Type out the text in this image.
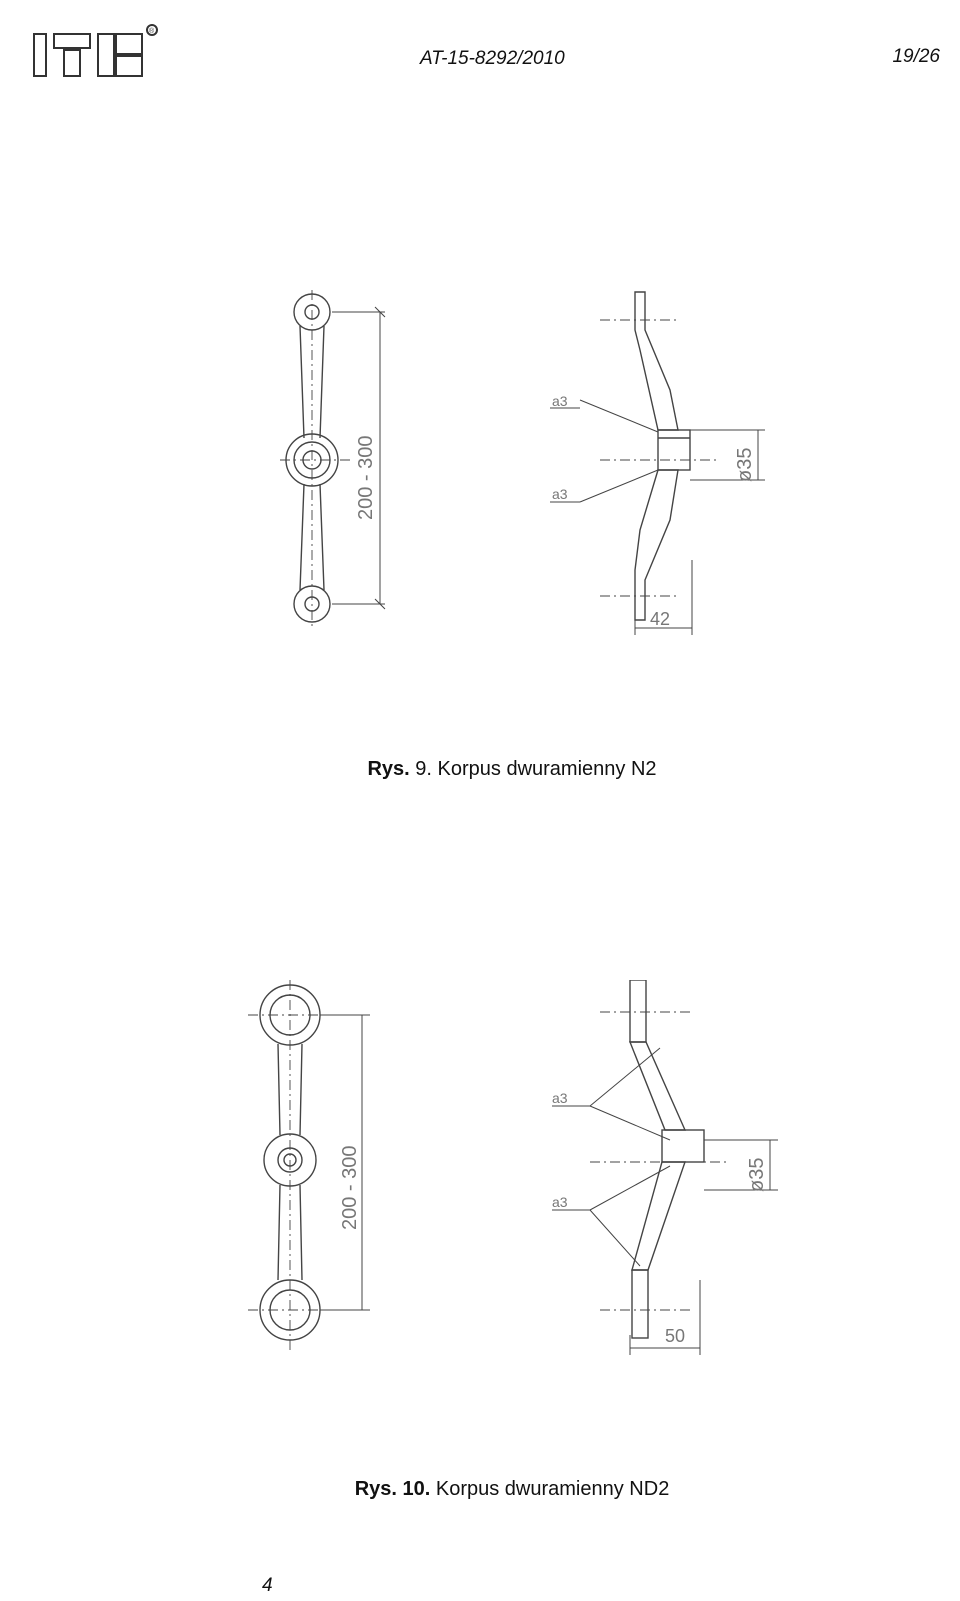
®
AT-15-8292/2010	19/26
200 - 300
a3
a3
ø35
42
Rys. 9. Korpus dwuramienny N2
200 - 300
a3
a3
ø35
50
Rys. 10. Korpus dwuramienny ND2
4
